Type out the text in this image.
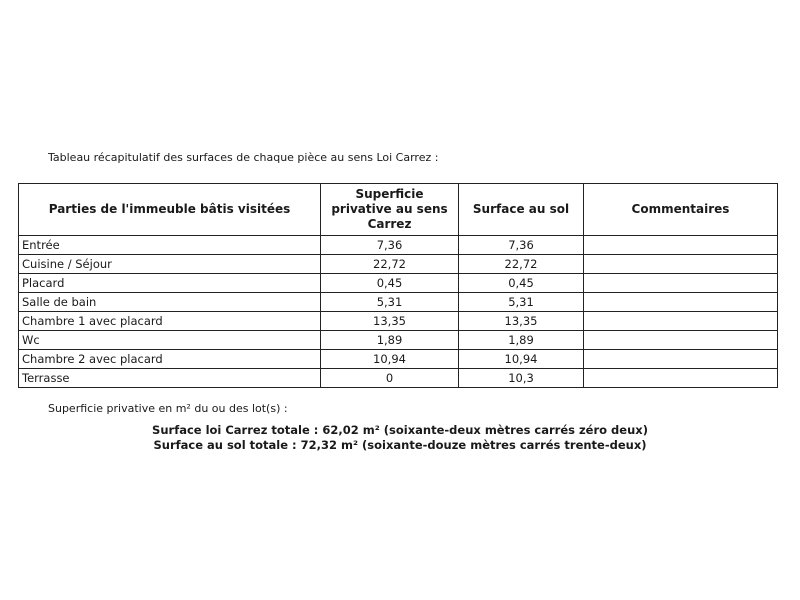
Tableau récapitulatif des surfaces de chaque pièce au sens Loi Carrez :
Parties de l'immeuble bâtis visitées	Superficie privative au sens Carrez	Surface au sol	Commentaires
Entrée	7,36	7,36	
Cuisine / Séjour	22,72	22,72	
Placard	0,45	0,45	
Salle de bain	5,31	5,31	
Chambre 1 avec placard	13,35	13,35	
Wc	1,89	1,89	
Chambre 2 avec placard	10,94	10,94	
Terrasse	0	10,3	
Superficie privative en m² du ou des lot(s) :
Surface loi Carrez totale : 62,02 m² (soixante-deux mètres carrés zéro deux)
Surface au sol totale : 72,32 m² (soixante-douze mètres carrés trente-deux)
